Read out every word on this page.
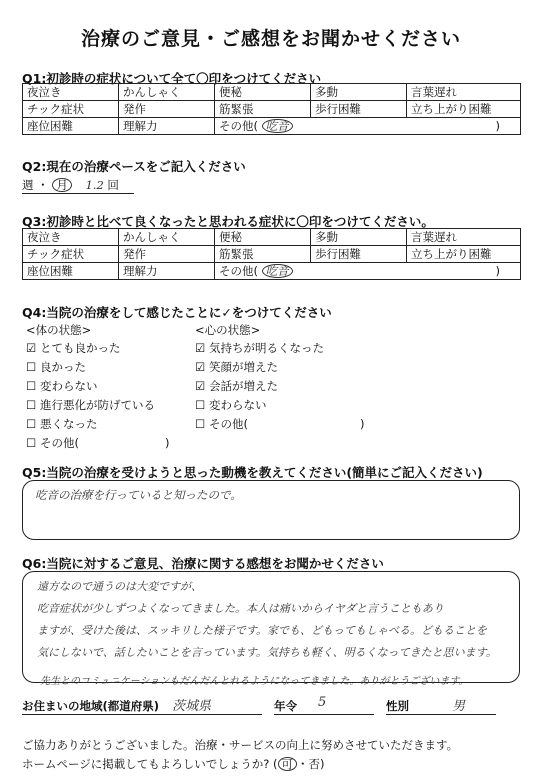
治療のご意見・ご感想をお聞かせください
Q1:初診時の症状について全て〇印をつけてください
夜泣き	かんしゃく	便秘	多動	言葉遅れ
チック症状	発作	筋緊張	歩行困難	立ち上がり困難
座位困難	理解力	その他( 吃音 )		
Q2:現在の治療ペースをご記入ください
週 ・ 月 1.2 回
Q3:初診時と比べて良くなったと思われる症状に〇印をつけてください。
夜泣き	かんしゃく	便秘	多動	言葉遅れ
チック症状	発作	筋緊張	歩行困難	立ち上がり困難
座位困難	理解力	その他( 吃音 )		
Q4:当院の治療をして感じたことに✓をつけてください
<体の状態>	<心の状態>
☑ とても良かった
☐ 良かった
☐ 変わらない
☐ 進行悪化が防げている
☐ 悪くなった
☐ その他(	)
☑ 気持ちが明るくなった
☑ 笑顔が増えた
☑ 会話が増えた
☐ 変わらない
☐ その他(	)
Q5:当院の治療を受けようと思った動機を教えてください(簡単にご記入ください)
吃音の治療を行っていると知ったので。
Q6:当院に対するご意見、治療に関する感想をお聞かせください
遠方なので通うのは大変ですが、
吃音症状が少しずつよくなってきました。本人は痛いからイヤダと言うこともあり
ますが、受けた後は、スッキリした様子です。家でも、どもってもしゃべる。どもることを
気にしないで、話したいことを言っています。気持ちも軽く、明るくなってきたと思います。
先生とのコミュニケーションもだんだんとれるようになってきました。ありがとうございます。
お住まいの地域(都道府県) 茨城県	年令	5	性別	男
ご協力ありがとうございました。治療・サービスの向上に努めさせていただきます。
ホームページに掲載してもよろしいでしょうか? ( 可 ・否)
